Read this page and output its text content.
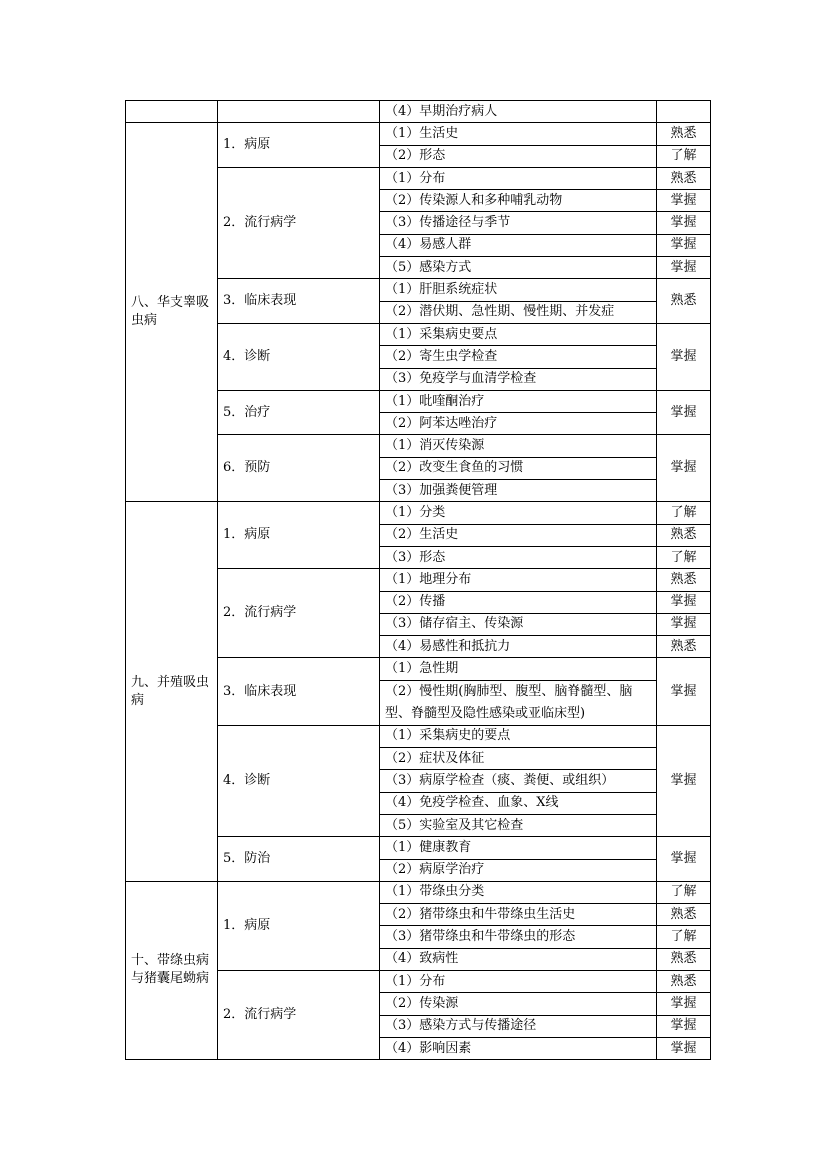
		（4）早期治疗病人	
八、华支睾吸虫病	1．病原	（1）生活史	熟悉
		（2）形态	了解
	2．流行病学	（1）分布	熟悉
		（2）传染源人和多种哺乳动物	掌握
		（3）传播途径与季节	掌握
		（4）易感人群	掌握
		（5）感染方式	掌握
	3．临床表现	（1）肝胆系统症状	熟悉
		（2）潜伏期、急性期、慢性期、并发症	
	4．诊断	（1）采集病史要点	掌握
		（2）寄生虫学检查	
		（3）免疫学与血清学检查	
	5．治疗	（1）吡喹酮治疗	掌握
		（2）阿苯达唑治疗	
	6．预防	（1）消灭传染源	掌握
		（2）改变生食鱼的习惯	
		（3）加强粪便管理	
九、并殖吸虫病	1．病原	（1）分类	了解
		（2）生活史	熟悉
		（3）形态	了解
	2．流行病学	（1）地理分布	熟悉
		（2）传播	掌握
		（3）储存宿主、传染源	掌握
		（4）易感性和抵抗力	熟悉
	3．临床表现	（1）急性期	掌握
		（2）慢性期(胸肺型、腹型、脑脊髓型、脑型、脊髓型及隐性感染或亚临床型)	
	4．诊断	（1）采集病史的要点	掌握
		（2）症状及体征	
		（3）病原学检查（痰、粪便、或组织）	
		（4）免疫学检查、血象、X线	
		（5）实验室及其它检查	
	5．防治	（1）健康教育	掌握
		（2）病原学治疗	
十、带绦虫病与猪囊尾蚴病	1．病原	（1）带绦虫分类	了解
		（2）猪带绦虫和牛带绦虫生活史	熟悉
		（3）猪带绦虫和牛带绦虫的形态	了解
		（4）致病性	熟悉
	2．流行病学	（1）分布	熟悉
		（2）传染源	掌握
		（3）感染方式与传播途径	掌握
		（4）影响因素	掌握
